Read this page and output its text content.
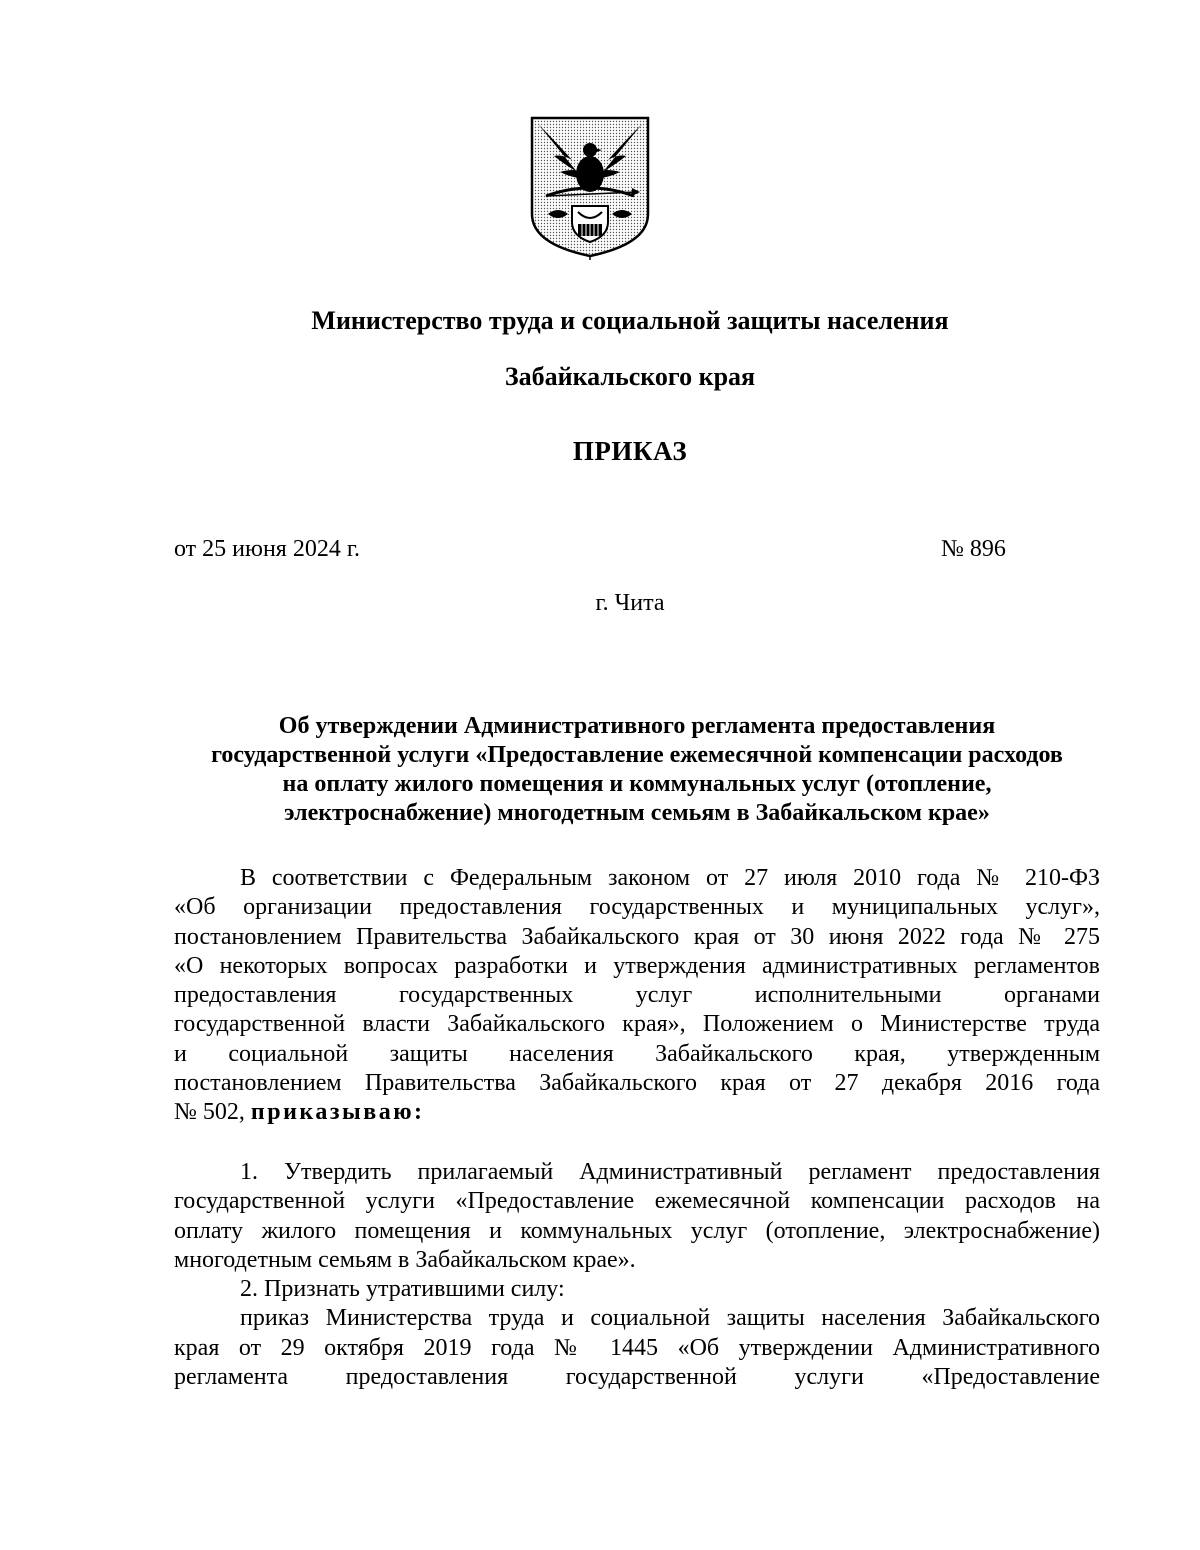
Министерство труда и социальной защиты населения
Забайкальского края
ПРИКАЗ
от 25 июня 2024 г.	№ 896
г. Чита
Об утверждении Административного регламента предоставления
государственной услуги «Предоставление ежемесячной компенсации расходов
на оплату жилого помещения и коммунальных услуг (отопление,
электроснабжение) многодетным семьям в Забайкальском крае»
В соответствии с Федеральным законом от 27 июля 2010 года № 210-ФЗ
«Об организации предоставления государственных и муниципальных услуг»,
постановлением Правительства Забайкальского края от 30 июня 2022 года № 275
«О некоторых вопросах разработки и утверждения административных регламентов
предоставления государственных услуг исполнительными органами
государственной власти Забайкальского края», Положением о Министерстве труда
и социальной защиты населения Забайкальского края, утвержденным
постановлением Правительства Забайкальского края от 27 декабря 2016 года
№ 502, приказываю:
1. Утвердить прилагаемый Административный регламент предоставления
государственной услуги «Предоставление ежемесячной компенсации расходов на
оплату жилого помещения и коммунальных услуг (отопление, электроснабжение)
многодетным семьям в Забайкальском крае».
2. Признать утратившими силу:
приказ Министерства труда и социальной защиты населения Забайкальского
края от 29 октября 2019 года № 1445 «Об утверждении Административного
регламента предоставления государственной услуги «Предоставление
